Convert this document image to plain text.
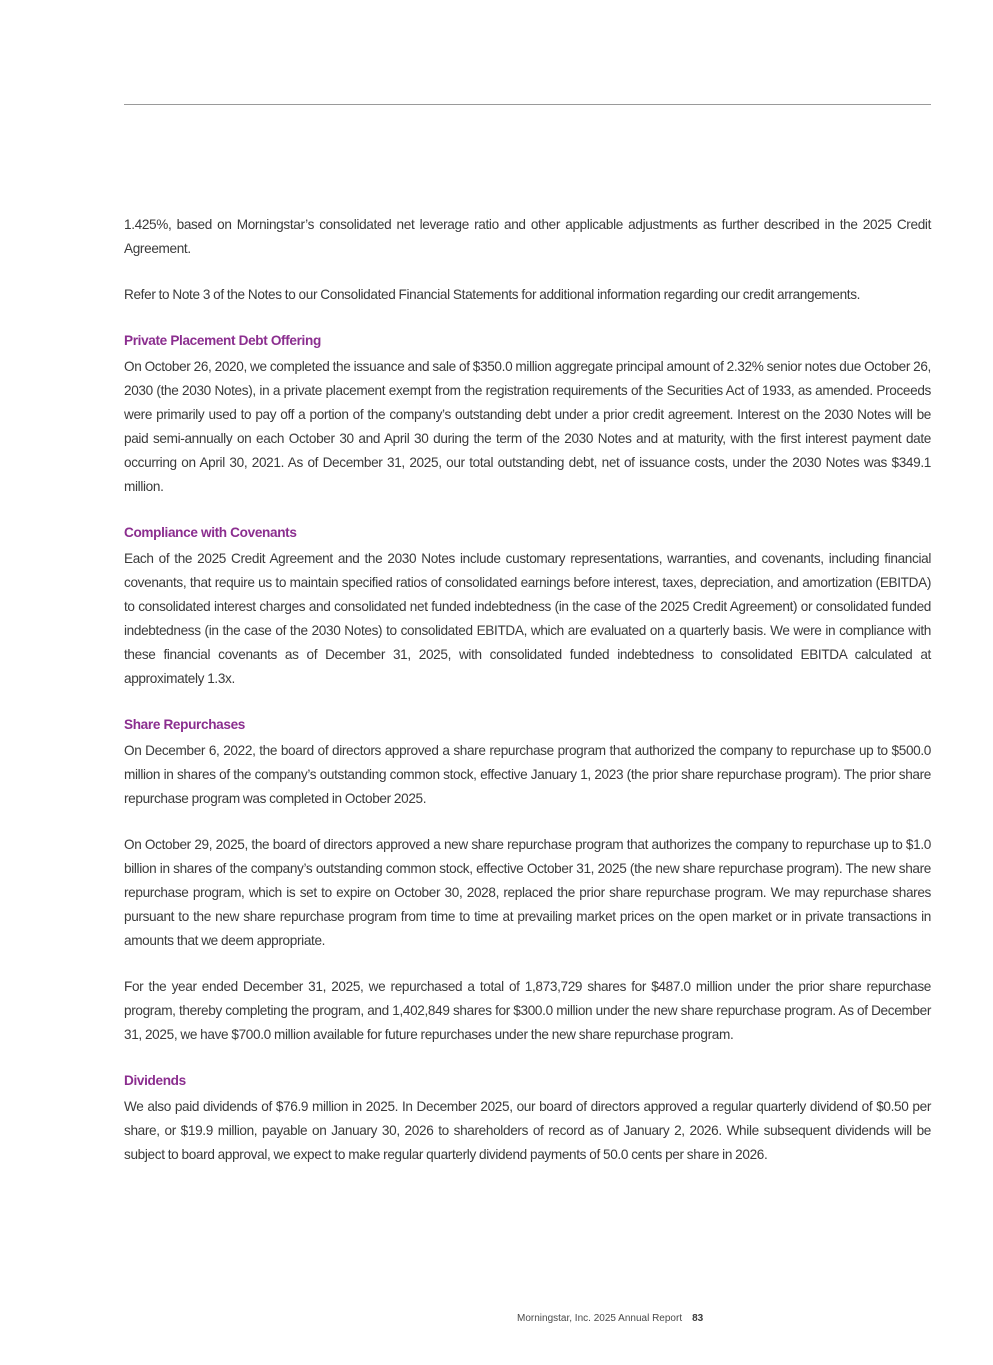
1.425%, based on Morningstar’s consolidated net leverage ratio and other applicable adjustments as further described in the 2025 Credit Agreement.

Refer to Note 3 of the Notes to our Consolidated Financial Statements for additional information regarding our credit arrangements.

Private Placement Debt Offering

On October 26, 2020, we completed the issuance and sale of $350.0 million aggregate principal amount of 2.32% senior notes due October 26, 2030 (the 2030 Notes), in a private placement exempt from the registration requirements of the Securities Act of 1933, as amended. Proceeds were primarily used to pay off a portion of the company’s outstanding debt under a prior credit agreement. Interest on the 2030 Notes will be paid semi-annually on each October 30 and April 30 during the term of the 2030 Notes and at maturity, with the first interest payment date occurring on April 30, 2021. As of December 31, 2025, our total outstanding debt, net of issuance costs, under the 2030 Notes was $349.1 million.

Compliance with Covenants

Each of the 2025 Credit Agreement and the 2030 Notes include customary representations, warranties, and covenants, including financial covenants, that require us to maintain specified ratios of consolidated earnings before interest, taxes, depreciation, and amortization (EBITDA) to consolidated interest charges and consolidated net funded indebtedness (in the case of the 2025 Credit Agreement) or consolidated funded indebtedness (in the case of the 2030 Notes) to consolidated EBITDA, which are evaluated on a quarterly basis. We were in compliance with these financial covenants as of December 31, 2025, with consolidated funded indebtedness to consolidated EBITDA calculated at approximately 1.3x.

Share Repurchases

On December 6, 2022, the board of directors approved a share repurchase program that authorized the company to repurchase up to $500.0 million in shares of the company’s outstanding common stock, effective January 1, 2023 (the prior share repurchase program). The prior share repurchase program was completed in October 2025.

On October 29, 2025, the board of directors approved a new share repurchase program that authorizes the company to repurchase up to $1.0 billion in shares of the company’s outstanding common stock, effective October 31, 2025 (the new share repurchase program). The new share repurchase program, which is set to expire on October 30, 2028, replaced the prior share repurchase program. We may repurchase shares pursuant to the new share repurchase program from time to time at prevailing market prices on the open market or in private transactions in amounts that we deem appropriate.

For the year ended December 31, 2025, we repurchased a total of 1,873,729 shares for $487.0 million under the prior share repurchase program, thereby completing the program, and 1,402,849 shares for $300.0 million under the new share repurchase program. As of December 31, 2025, we have $700.0 million available for future repurchases under the new share repurchase program.

Dividends

We also paid dividends of $76.9 million in 2025. In December 2025, our board of directors approved a regular quarterly dividend of $0.50 per share, or $19.9 million, payable on January 30, 2026 to shareholders of record as of January 2, 2026. While subsequent dividends will be subject to board approval, we expect to make regular quarterly dividend payments of 50.0 cents per share in 2026.

Morningstar, Inc. 2025 Annual Report 83
